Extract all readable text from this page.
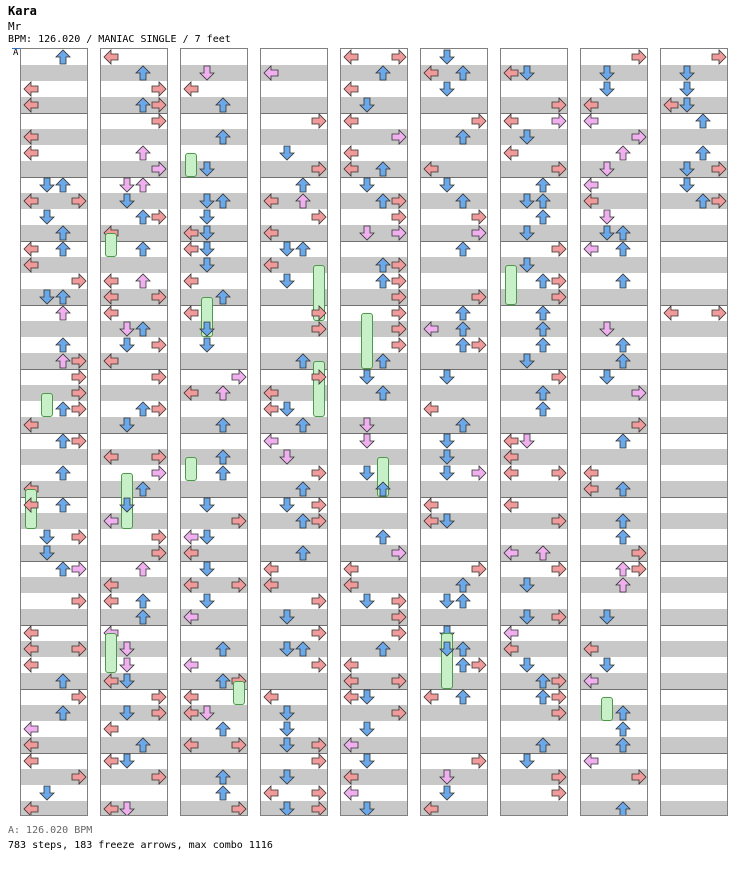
Kara
Mr
BPM: 126.020 / MANIAC SINGLE / 7 feet
A
A: 126.020 BPM
783 steps, 183 freeze arrows, max combo 1116
